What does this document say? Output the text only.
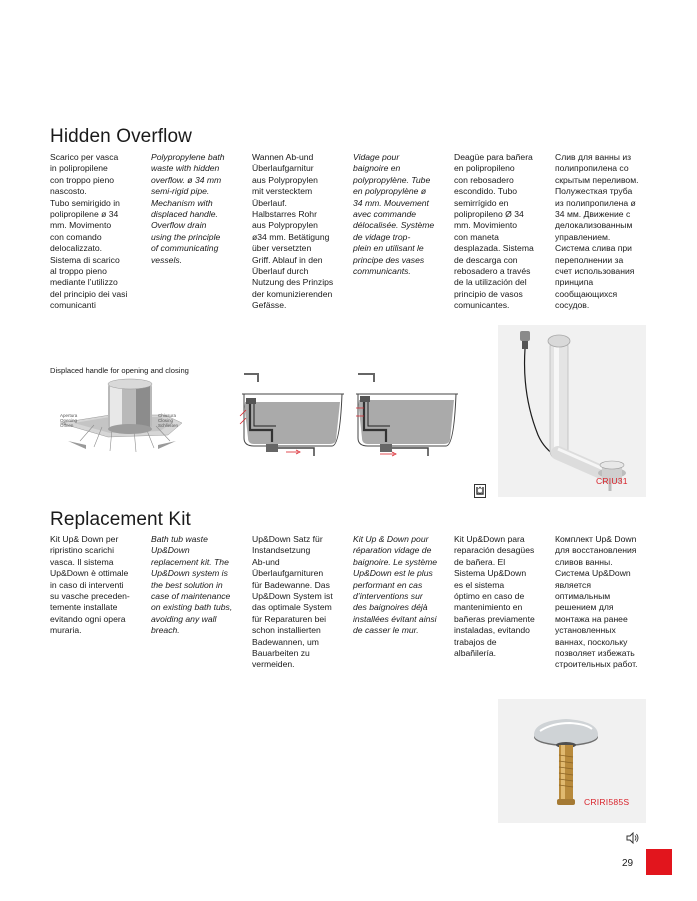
Hidden Overflow
Scarico per vasca
in polipropilene
con troppo pieno
nascosto.
Tubo semirigido in
polipropilene ø 34
mm. Movimento
con comando
delocalizzato.
Sistema di scarico
al troppo pieno
mediante l’utilizzo
del principio dei vasi
comunicanti
Polypropylene bath
waste with hidden
overflow. ø 34 mm
semi-rigid pipe.
Mechanism with
displaced handle.
Overflow drain
using the principle
of communicating
vessels.
Wannen Ab-und
Überlaufgarnitur
aus Polypropylen
mit verstecktem
Überlauf.
Halbstarres Rohr
aus Polypropylen
ø34 mm. Betätigung
über versetzten
Griff. Ablauf in den
Überlauf durch
Nutzung des Prinzips
der komunizierenden
Gefässe.
Vidage pour
baignoire en
polypropylène. Tube
en polypropylène ø
34 mm. Mouvement
avec commande
délocalisée. Système
de vidage trop-
plein en utilisant le
principe des vases
communicants.
Deagüe para bañera
en polipropileno
con rebosadero
escondido. Tubo
semirrígido en
polipropileno Ø 34
mm. Movimiento
con maneta
desplazada. Sistema
de descarga con
rebosadero a través
de la utilización del
principio de vasos
comunicantes.
Слив для ванны из
полипропилена со
скрытым переливом.
Полужесткая труба
из полипропилена ø
34 мм. Движение с
делокализованным
управлением.
Система слива при
переполнении за
счет использования
принципа
сообщающихся
сосудов.
Displaced handle for opening and closing
Apertura
Opening
Öffnen
Chiusura
Closing
Schließen
CRIU31
Replacement Kit
Kit Up& Down per
ripristino scarichi
vasca. Il sistema
Up&Down è ottimale
in caso di interventi
su vasche preceden-
temente installate
evitando ogni opera
muraria.
Bath tub waste
Up&Down
replacement kit. The
Up&Down system is
the best solution in
case of maintenance
on existing bath tubs,
avoiding any wall
breach.
Up&Down Satz für
Instandsetzung
Ab-und
Überlaufgarnituren
für Badewanne. Das
Up&Down System ist
das optimale System
für Reparaturen bei
schon installierten
Badewannen, um
Bauarbeiten zu
vermeiden.
Kit Up & Down pour
réparation vidage de
baignoire. Le système
Up&Down est le plus
performant en cas
d’interventions sur
des baignoires déjà
installées évitant ainsi
de casser le mur.
Kit Up&Down para
reparación desagües
de bañera. El
Sistema Up&Down
es el sistema
óptimo en caso de
mantenimiento en
bañeras previamente
instaladas, evitando
trabajos de
albañilería.
Комплект Up& Down
для восстановления
сливов ванны.
Система Up&Down
является
оптимальным
решением для
монтажа на ранее
установленных
ваннах, поскольку
позволяет избежать
строительных работ.
CRIRI585S
29
